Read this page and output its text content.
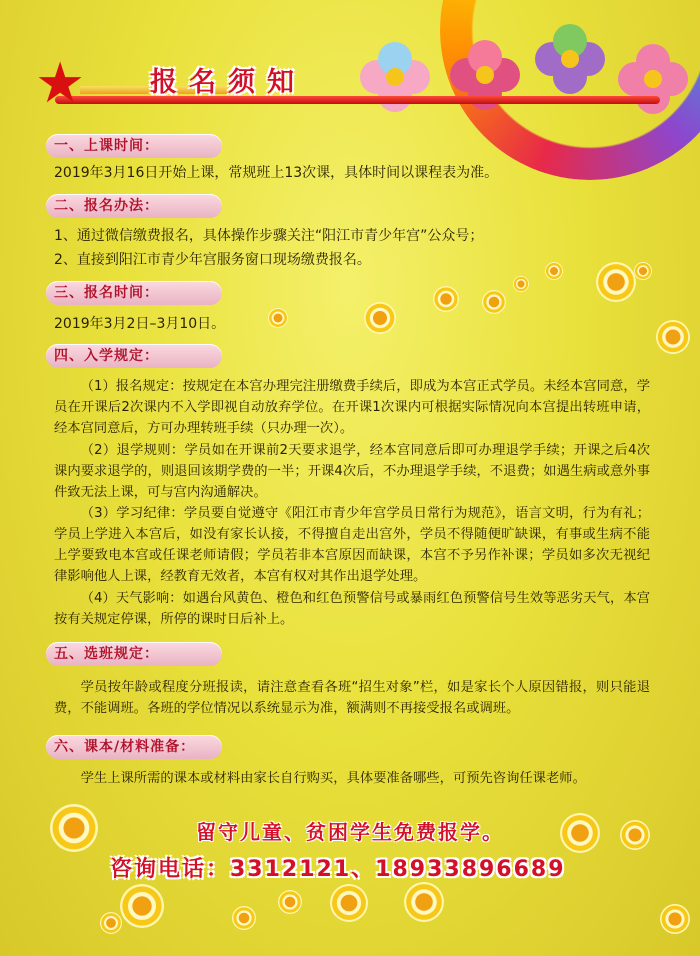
★ 报名须知
一、上课时间：
2019年3月16日开始上课，常规班上13次课，具体时间以课程表为准。
二、报名办法：
1、通过微信缴费报名，具体操作步骤关注“阳江市青少年宫”公众号；
2、直接到阳江市青少年宫服务窗口现场缴费报名。
三、报名时间：
2019年3月2日–3月10日。
四、入学规定：
（1）报名规定：按规定在本宫办理完注册缴费手续后，即成为本宫正式学员。未经本宫同意，学员在开课后2次课内不入学即视自动放弃学位。在开课1次课内可根据实际情况向本宫提出转班申请，经本宫同意后，方可办理转班手续（只办理一次）。
（2）退学规则：学员如在开课前2天要求退学，经本宫同意后即可办理退学手续；开课之后4次课内要求退学的，则退回该期学费的一半；开课4次后，不办理退学手续，不退费；如遇生病或意外事件致无法上课，可与宫内沟通解决。
（3）学习纪律：学员要自觉遵守《阳江市青少年宫学员日常行为规范》，语言文明，行为有礼；学员上学进入本宫后，如没有家长认接，不得擅自走出宫外，学员不得随便旷缺课，有事或生病不能上学要致电本宫或任课老师请假；学员若非本宫原因而缺课，本宫不予另作补课；学员如多次无视纪律影响他人上课，经教育无效者，本宫有权对其作出退学处理。
（4）天气影响：如遇台风黄色、橙色和红色预警信号或暴雨红色预警信号生效等恶劣天气，本宫按有关规定停课，所停的课时日后补上。
五、选班规定：
学员按年龄或程度分班报读，请注意查看各班“招生对象”栏，如是家长个人原因错报，则只能退费，不能调班。各班的学位情况以系统显示为准，额满则不再接受报名或调班。
六、课本/材料准备：
学生上课所需的课本或材料由家长自行购买，具体要准备哪些，可预先咨询任课老师。
留守儿童、贫困学生免费报学。
咨询电话：3312121、18933896689
